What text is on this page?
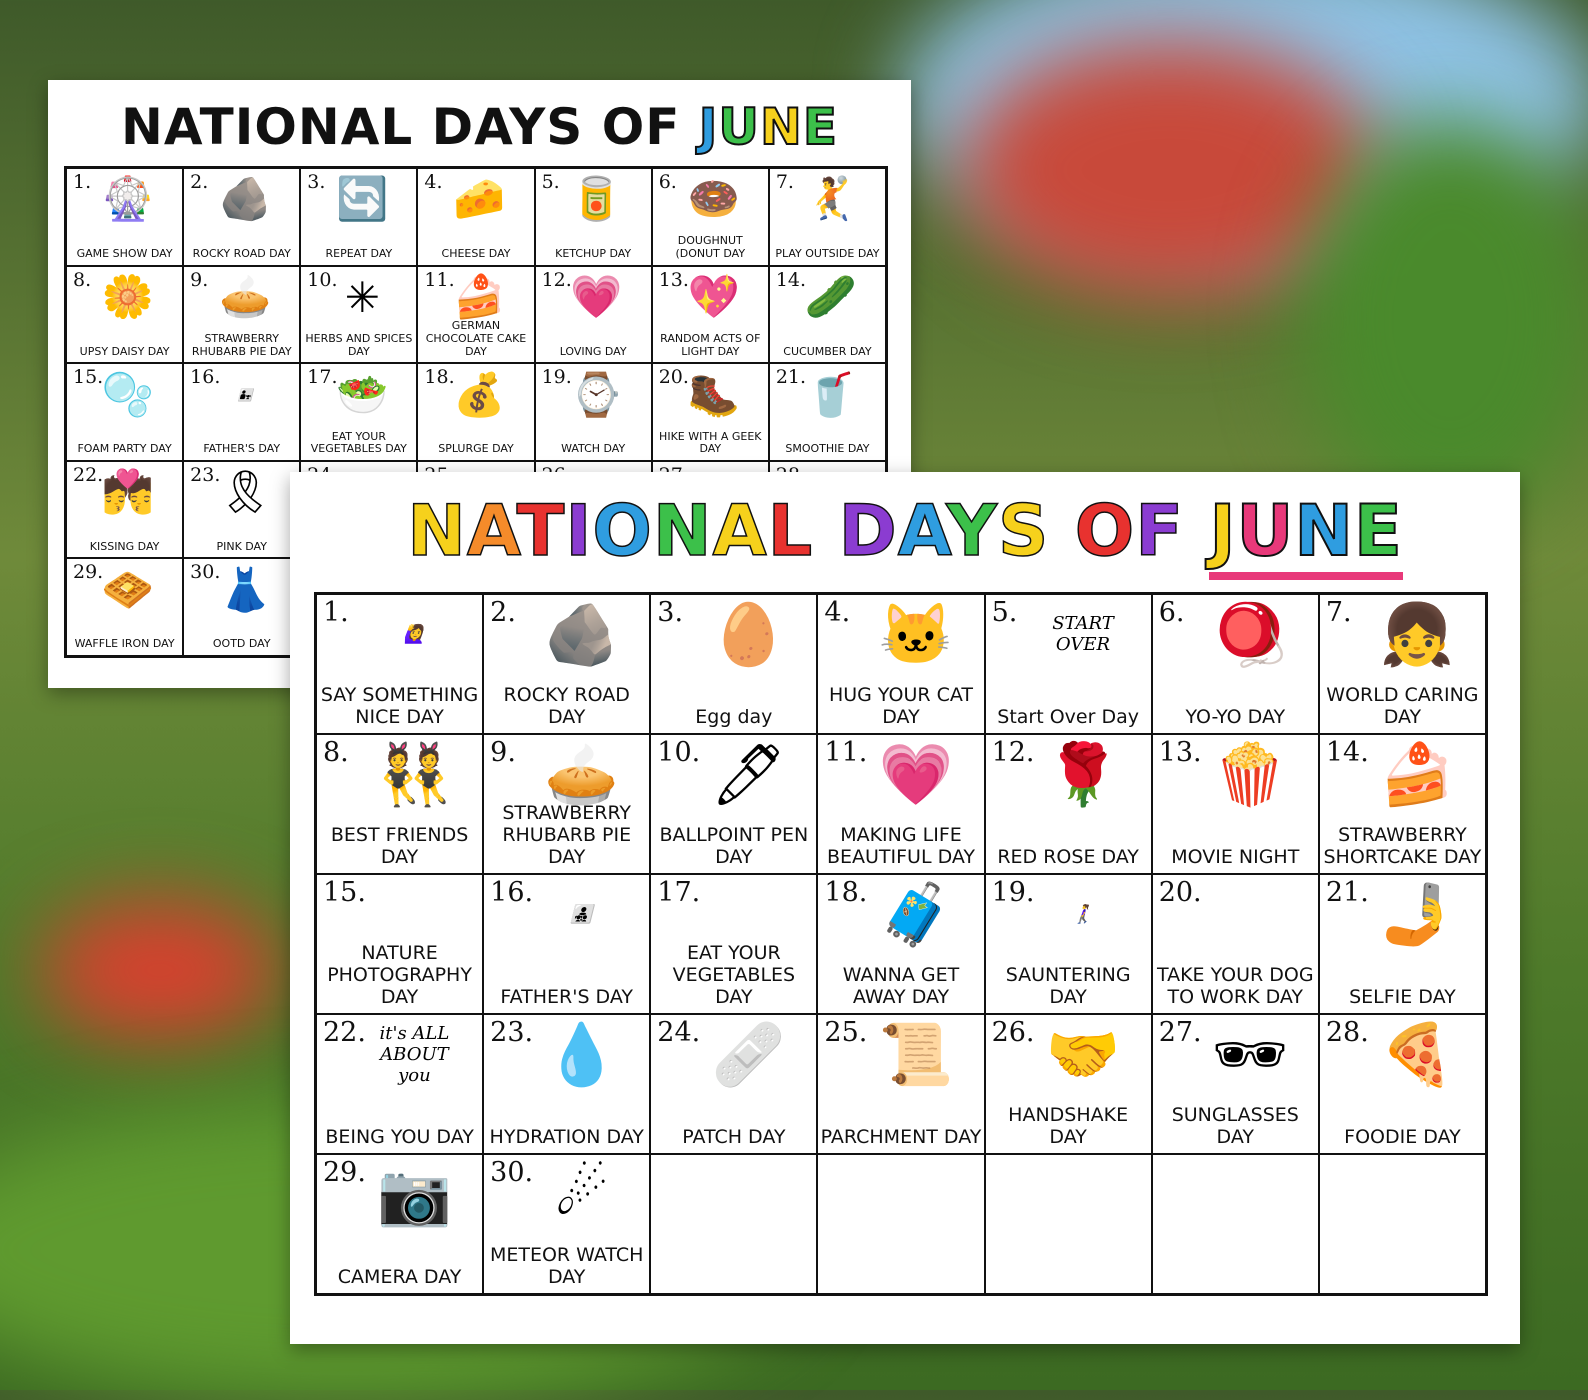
NATIONAL DAYS OF JUNE
1. 🎡
GAME SHOW DAY
2. 🪨
ROCKY ROAD DAY
3. 🔄
REPEAT DAY
4. 🧀
CHEESE DAY
5. 🥫
KETCHUP DAY
6. 🍩
DOUGHNUT (DONUT DAY
7. 🤾
PLAY OUTSIDE DAY
8. 🌼
UPSY DAISY DAY
9. 🥧
STRAWBERRY RHUBARB PIE DAY
10. ✳
HERBS AND SPICES DAY
11.
🍰
GERMAN CHOCOLATE CAKE DAY
12.
💗
LOVING DAY
13.
💖
RANDOM ACTS OF LIGHT DAY
14.
🥒
CUCUMBER DAY
15.
🫧
FOAM PARTY DAY
16.
👨‍👧
FATHER'S DAY
17.
🥗
EAT YOUR VEGETABLES DAY
18.
💰
SPLURGE DAY
19.
⌚
WATCH DAY
20.
🥾
HIKE WITH A GEEK DAY
21.
🥤
SMOOTHIE DAY
22.
💏
KISSING DAY
23.
🎗
PINK DAY
29.
🧇
WAFFLE IRON DAY
30.
👗
OOTD DAY
NATIONAL DAYS OF JUNE
1.
🙋‍♀️
SAY SOMETHING NICE DAY
2. 🪨
ROCKY ROAD DAY
3. 🥚
Egg day
4. 🐱
HUG YOUR CAT DAY
5.	START OVER
Start Over Day
6. 🪀
YO-YO DAY
7. 👧
WORLD CARING DAY
8. 👯
BEST FRIENDS DAY
9. 🥧
STRAWBERRY RHUBARB PIE DAY
10. 🖊
BALLPOINT PEN DAY
11. 💗
MAKING LIFE BEAUTIFUL DAY
12. 🌹
RED ROSE DAY
13. 🍿
MOVIE NIGHT
14. 🍰
STRAWBERRY SHORTCAKE DAY
15.
NATURE PHOTOGRAPHY DAY
16.
👨‍👧‍👦
FATHER'S DAY
17.
EAT YOUR VEGETABLES DAY
18. 🧳
WANNA GET AWAY DAY
19.
🚶‍♀️
SAUNTERING DAY
20.
TAKE YOUR DOG TO WORK DAY
21. 🤳
SELFIE DAY
22. it's ALL ABOUT you
BEING YOU DAY
23. 💧
HYDRATION DAY
24. 🩹
PATCH DAY
25. 📜
PARCHMENT DAY
26. 🤝
HANDSHAKE DAY
27. 🕶
SUNGLASSES DAY
28. 🍕
FOODIE DAY
29. 📷
CAMERA DAY
30. ☄
METEOR WATCH DAY
